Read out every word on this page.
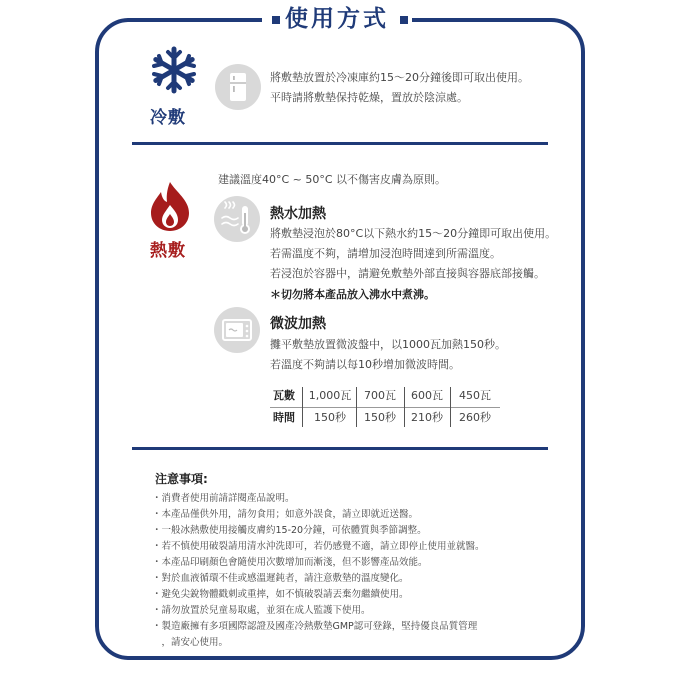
使用方式
冷敷
將敷墊放置於冷凍庫約15～20分鐘後即可取出使用。
平時請將敷墊保持乾燥，置放於陰涼處。
建議溫度40°C ~ 50°C 以不傷害皮膚為原則。
熱敷
熱水加熱
將敷墊浸泡於80°C以下熱水約15～20分鐘即可取出使用。
若需溫度不夠，請增加浸泡時間達到所需溫度。
若浸泡於容器中，請避免敷墊外部直接與容器底部接觸。
＊切勿將本產品放入沸水中煮沸。
微波加熱
攤平敷墊放置微波盤中，以1000瓦加熱150秒。
若溫度不夠請以每10秒增加微波時間。
瓦數	1,000瓦	700瓦	600瓦	450瓦
時間	150秒	150秒	210秒	260秒
注意事項:
・消費者使用前請詳閱產品說明。
・本產品僅供外用，請勿食用；如意外誤食，請立即就近送醫。
・一般冰熱敷使用接觸皮膚約15-20分鐘，可依體質與季節調整。
・若不慎使用破裂請用清水沖洗即可，若仍感覺不適，請立即停止使用並就醫。
・本產品印刷顏色會隨使用次數增加而漸淺，但不影響產品效能。
・對於血液循環不佳或感溫遲鈍者，請注意敷墊的溫度變化。
・避免尖銳物體戳刺或重摔，如不慎破裂請丟棄勿繼續使用。
・請勿放置於兒童易取處，並須在成人監護下使用。
・製造廠擁有多項國際認證及國產冷熱敷墊GMP認可登錄，堅持優良品質管理
　，請安心使用。
